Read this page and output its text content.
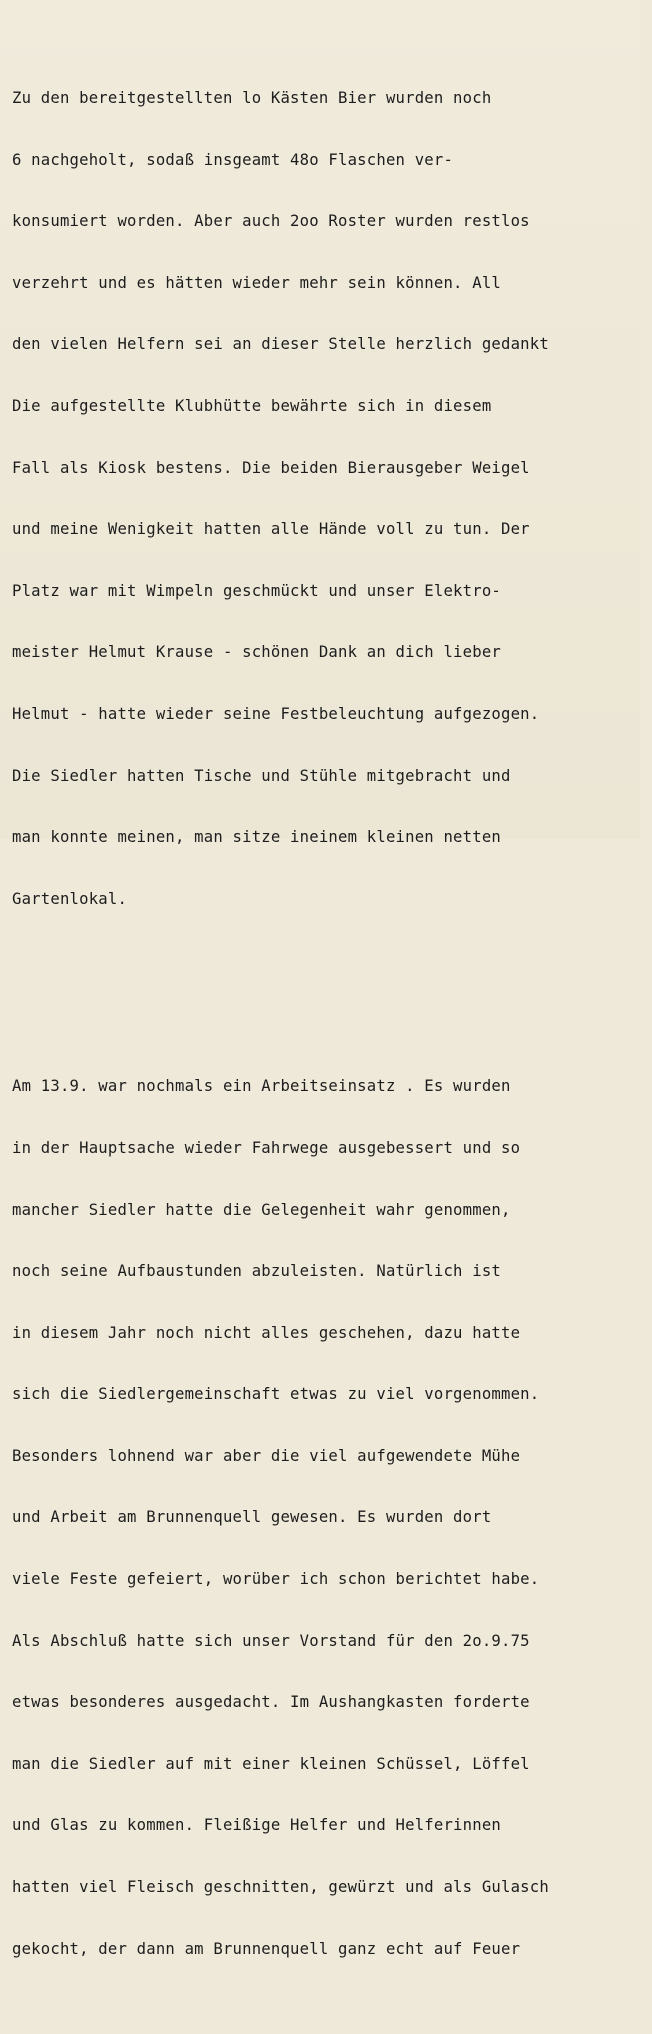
Zu den bereitgestellten lo Kästen Bier wurden noch

6 nachgeholt, sodaß insgeamt 48o Flaschen ver-

konsumiert worden. Aber auch 2oo Roster wurden restlos

verzehrt und es hätten wieder mehr sein können. All

den vielen Helfern sei an dieser Stelle herzlich gedankt

Die aufgestellte Klubhütte bewährte sich in diesem

Fall als Kiosk bestens. Die beiden Bierausgeber Weigel

und meine Wenigkeit hatten alle Hände voll zu tun. Der

Platz war mit Wimpeln geschmückt und unser Elektro-

meister Helmut Krause - schönen Dank an dich lieber

Helmut - hatte wieder seine Festbeleuchtung aufgezogen.

Die Siedler hatten Tische und Stühle mitgebracht und

man konnte meinen, man sitze ineinem kleinen netten

Gartenlokal.

Am 13.9. war nochmals ein Arbeitseinsatz . Es wurden

in der Hauptsache wieder Fahrwege ausgebessert und so

mancher Siedler hatte die Gelegenheit wahr genommen,

noch seine Aufbaustunden abzuleisten. Natürlich ist

in diesem Jahr noch nicht alles geschehen, dazu hatte

sich die Siedlergemeinschaft etwas zu viel vorgenommen.

Besonders lohnend war aber die viel aufgewendete Mühe

und Arbeit am Brunnenquell gewesen. Es wurden dort

viele Feste gefeiert, worüber ich schon berichtet habe.

Als Abschluß hatte sich unser Vorstand für den 2o.9.75

etwas besonderes ausgedacht. Im Aushangkasten forderte

man die Siedler auf mit einer kleinen Schüssel, Löffel

und Glas zu kommen. Fleißige Helfer und Helferinnen

hatten viel Fleisch geschnitten, gewürzt und als Gulasch

gekocht, der dann am Brunnenquell ganz echt auf Feuer
